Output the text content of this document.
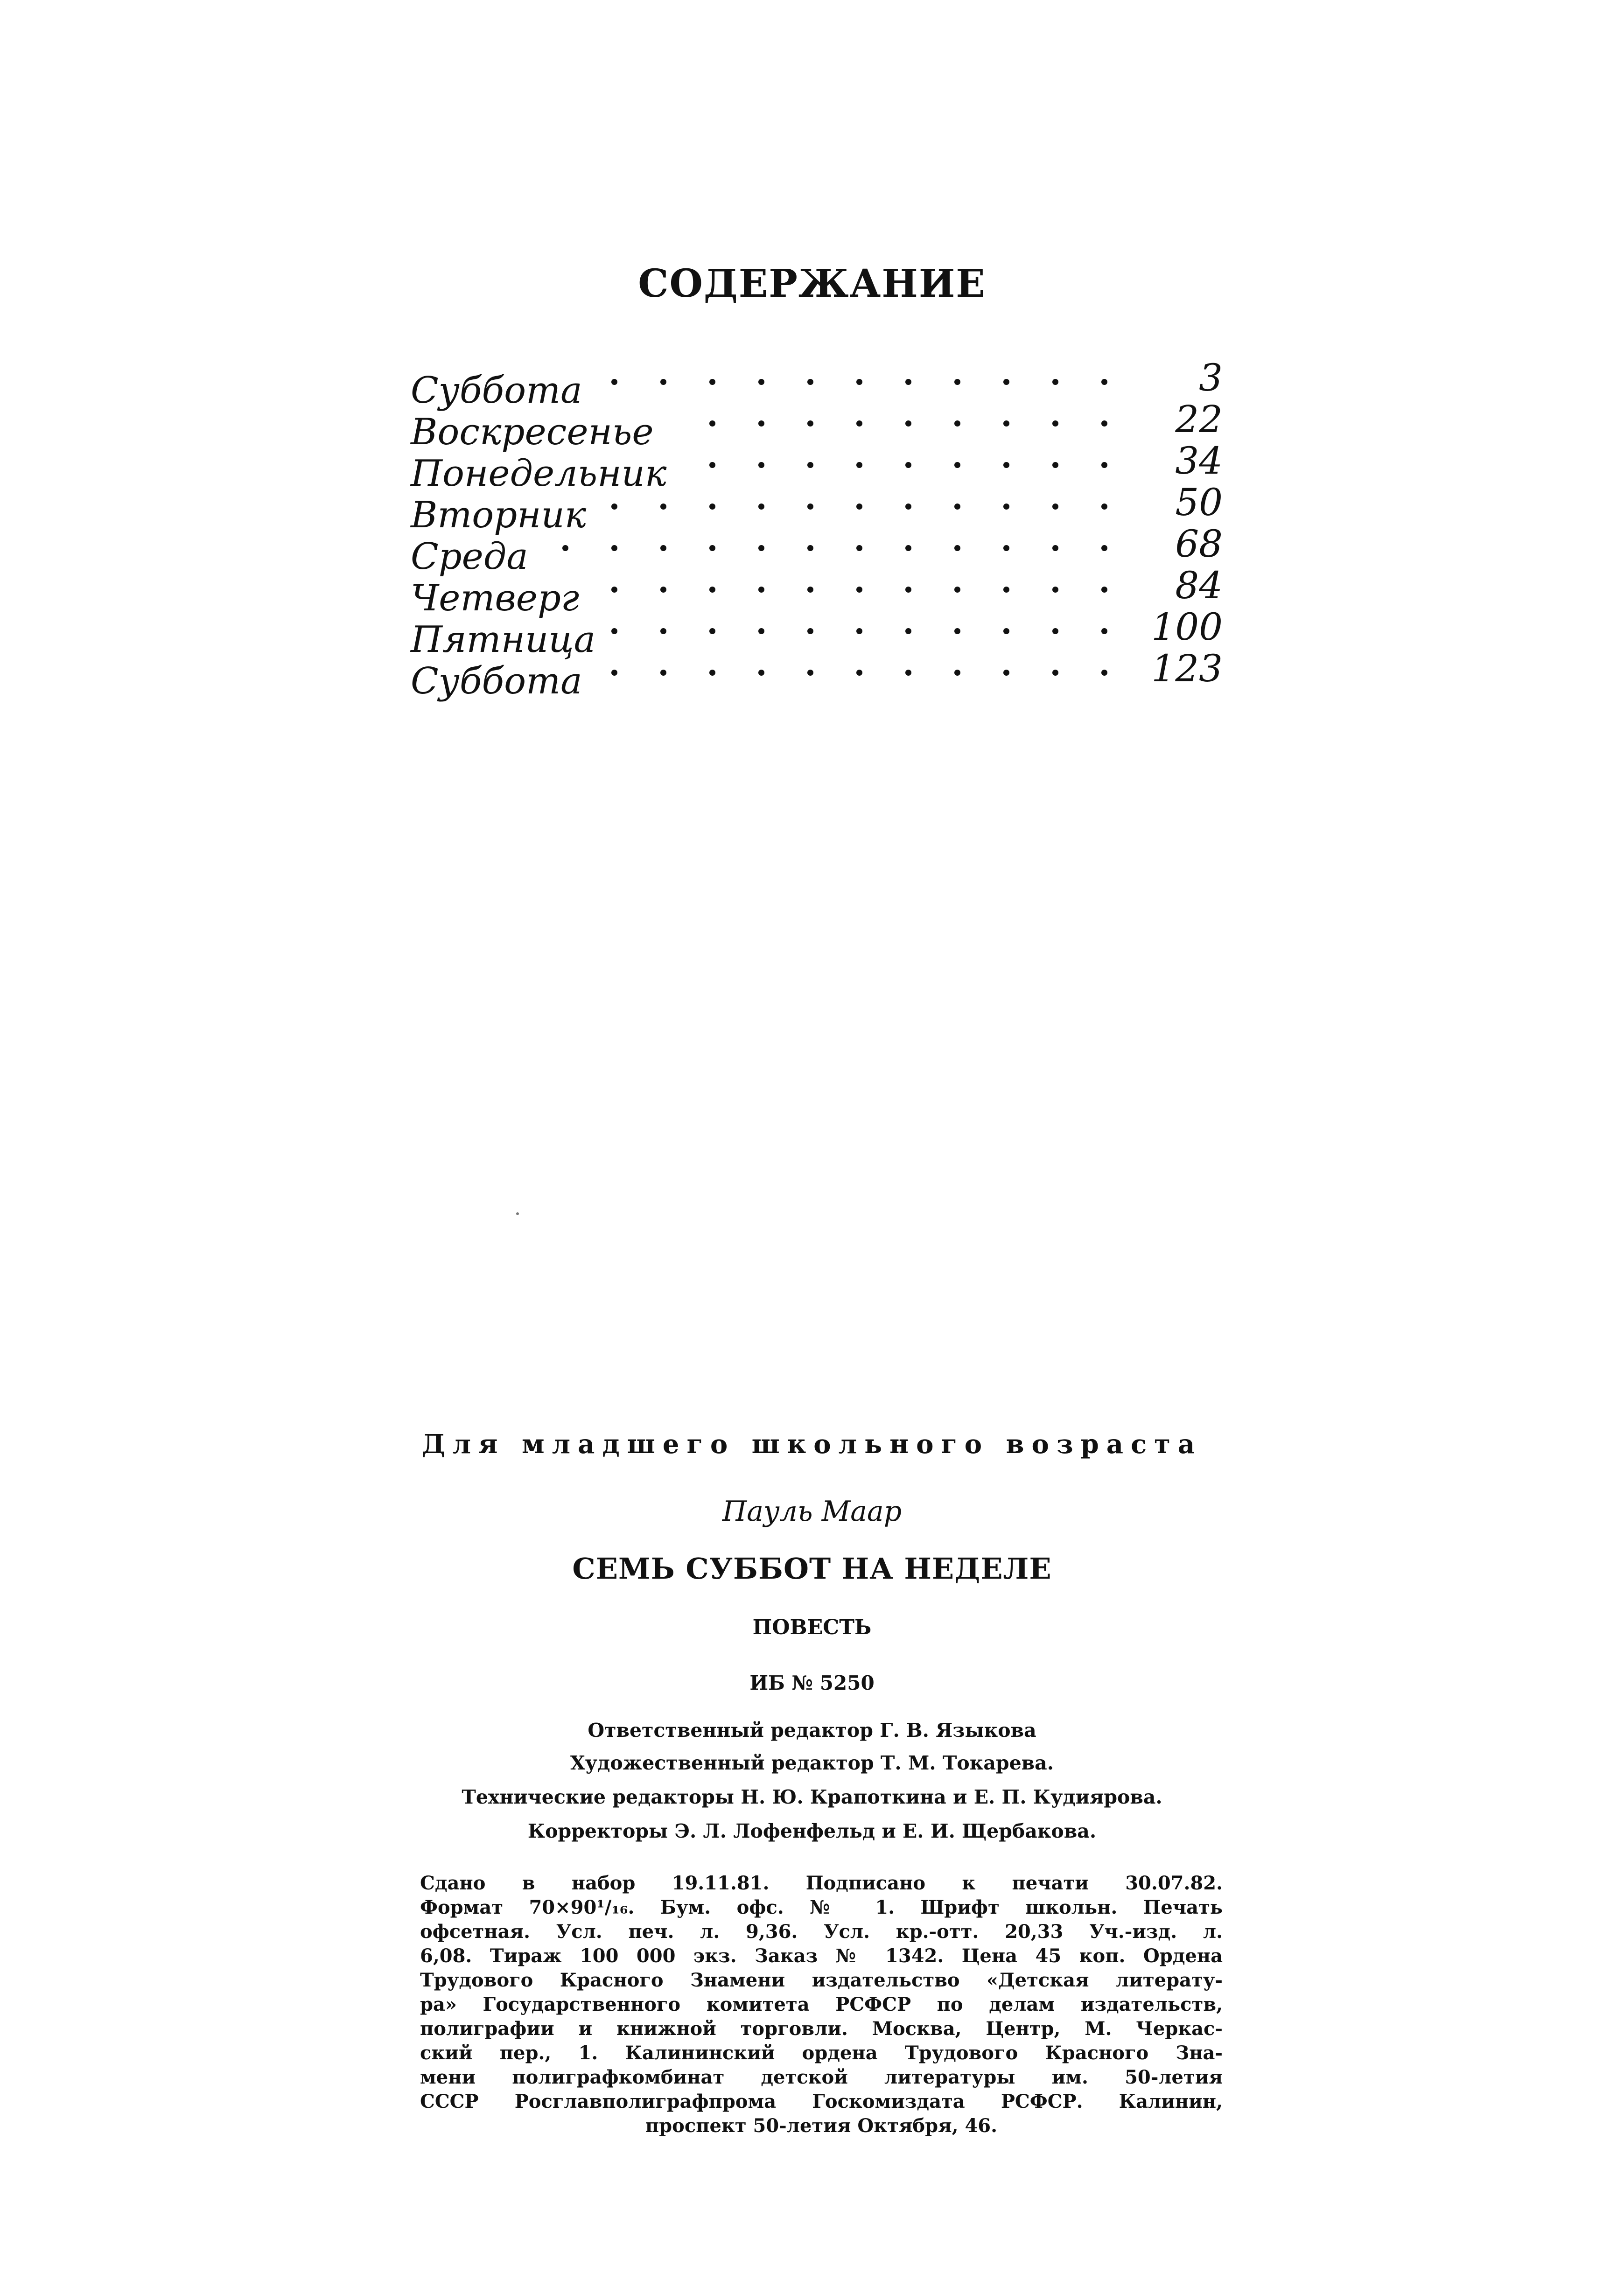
СОДЕРЖАНИЕ
Суббота	3
Воскресенье	22
Понедельник	34
Вторник	50
Среда	68
Четверг	84
Пятница	100
Суббота	123

Для младшего школьного возраста

Пауль Маар

СЕМЬ СУББОТ НА НЕДЕЛЕ

ПОВЕСТЬ

ИБ № 5250

Ответственный редактор Г. В. Языкова

Художественный редактор Т. М. Токарева.

Технические редакторы Н. Ю. Крапоткина и Е. П. Кудиярова.

Корректоры Э. Л. Лофенфельд и Е. И. Щербакова.

Сдано в набор 19.11.81. Подписано к печати 30.07.82.
Формат 70×90¹/₁₆. Бум. офс. № 1. Шрифт школьн. Печать
офсетная. Усл. печ. л. 9,36. Усл. кр.-отт. 20,33 Уч.-изд. л.
6,08. Тираж 100 000 экз. Заказ № 1342. Цена 45 коп. Ордена
Трудового Красного Знамени издательство «Детская литерату-
ра» Государственного комитета РСФСР по делам издательств,
полиграфии и книжной торговли. Москва, Центр, М. Черкас-
ский пер., 1. Калининский ордена Трудового Красного Зна-
мени полиграфкомбинат детской литературы им. 50-летия
СССР Росглавполиграфпрома Госкомиздата РСФСР. Калинин,
проспект 50-летия Октября, 46.
